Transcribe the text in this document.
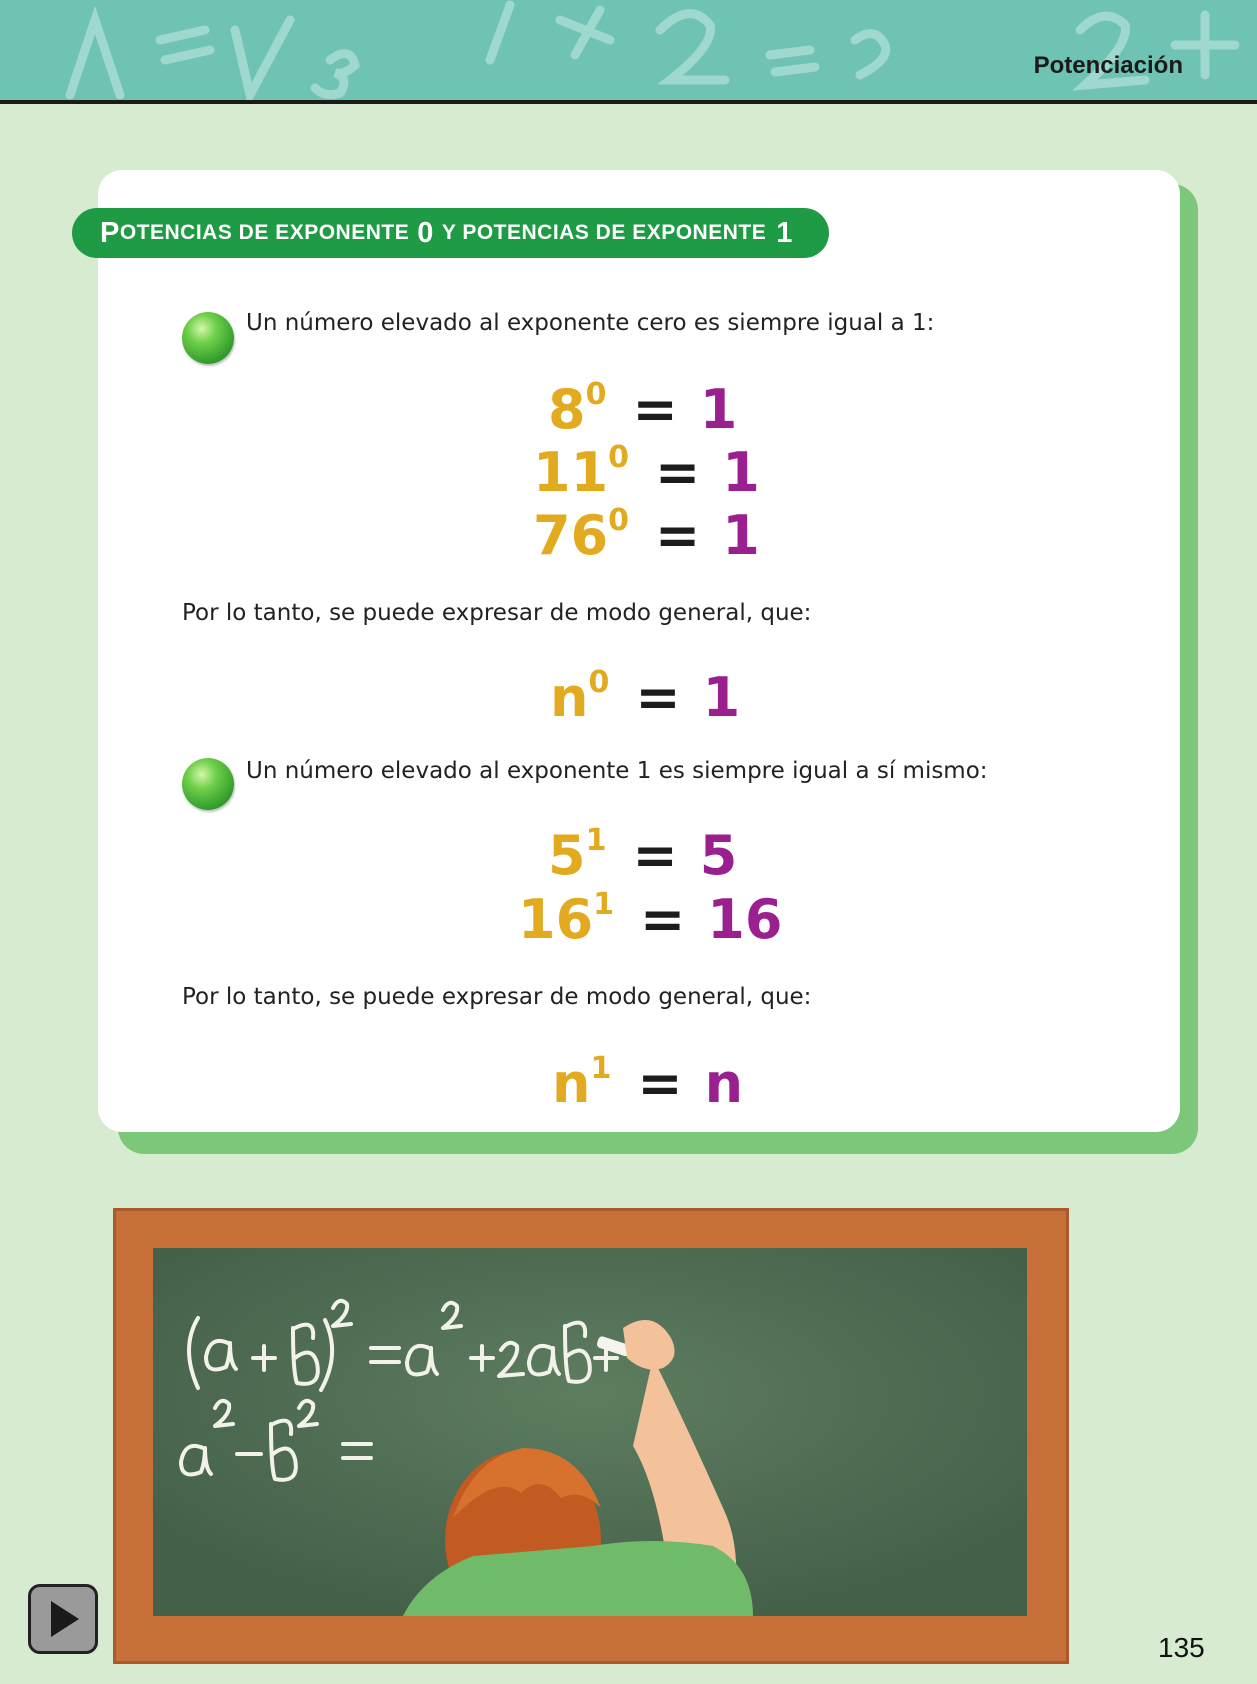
Potenciación
P OTENCIAS DE EXPONENTE 0 Y POTENCIAS DE EXPONENTE 1
Un número elevado al exponente cero es siempre igual a 1:
$8^0 = 1$
$11^0 = 1$
$76^0 = 1$
Por lo tanto, se puede expresar de modo general, que:
$n^0 = 1$
Un número elevado al exponente 1 es siempre igual a sí mismo:
$5^1 = 5$
$16^1 = 16$
Por lo tanto, se puede expresar de modo general, que:
$n^1 = n$
135
